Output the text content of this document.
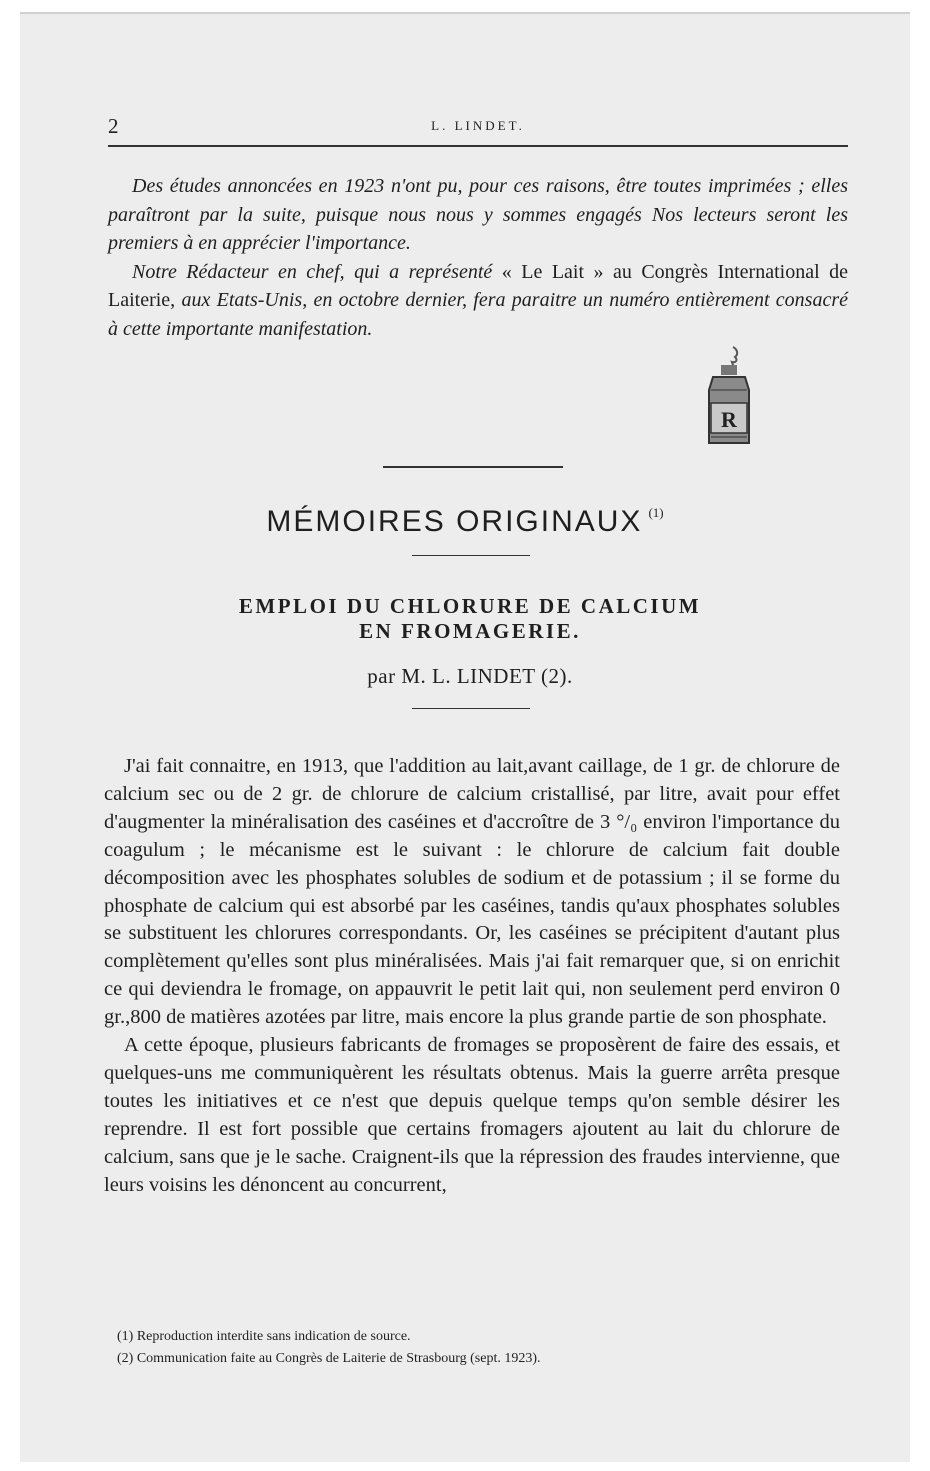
2	L. LINDET.

Des études annoncées en 1923 n'ont pu, pour ces raisons, être toutes imprimées ; elles paraîtront par la suite, puisque nous nous y sommes engagés Nos lecteurs seront les premiers à en apprécier l'importance.

Notre Rédacteur en chef, qui a représenté « Le Lait » au Congrès International de Laiterie, aux Etats-Unis, en octobre dernier, fera paraitre un numéro entièrement consacré à cette importante manifestation.

R
MÉMOIRES ORIGINAUX $^{(1)}$
EMPLOI DU CHLORURE DE CALCIUM
EN FROMAGERIE.
par M. L. LINDET (2).

J'ai fait connaitre, en 1913, que l'addition au lait,avant caillage, de 1 gr. de chlorure de calcium sec ou de 2 gr. de chlorure de calcium cristallisé, par litre, avait pour effet d'augmenter la minéralisation des caséines et d'accroître de 3 °/₀ environ l'importance du coagulum ; le mécanisme est le suivant : le chlorure de calcium fait double décomposition avec les phosphates solubles de sodium et de potassium ; il se forme du phosphate de calcium qui est absorbé par les caséines, tandis qu'aux phosphates solubles se substituent les chlorures correspondants. Or, les caséines se précipitent d'autant plus complètement qu'elles sont plus minéralisées. Mais j'ai fait remarquer que, si on enrichit ce qui deviendra le fromage, on appauvrit le petit lait qui, non seulement perd environ 0 gr.,800 de matières azotées par litre, mais encore la plus grande partie de son phosphate.

A cette époque, plusieurs fabricants de fromages se proposèrent de faire des essais, et quelques-uns me communiquèrent les résultats obtenus. Mais la guerre arrêta presque toutes les initiatives et ce n'est que depuis quelque temps qu'on semble désirer les reprendre. Il est fort possible que certains fromagers ajoutent au lait du chlorure de calcium, sans que je le sache. Craignent-ils que la répression des fraudes intervienne, que leurs voisins les dénoncent au concurrent,

(1) Reproduction interdite sans indication de source.
(2) Communication faite au Congrès de Laiterie de Strasbourg (sept. 1923).
